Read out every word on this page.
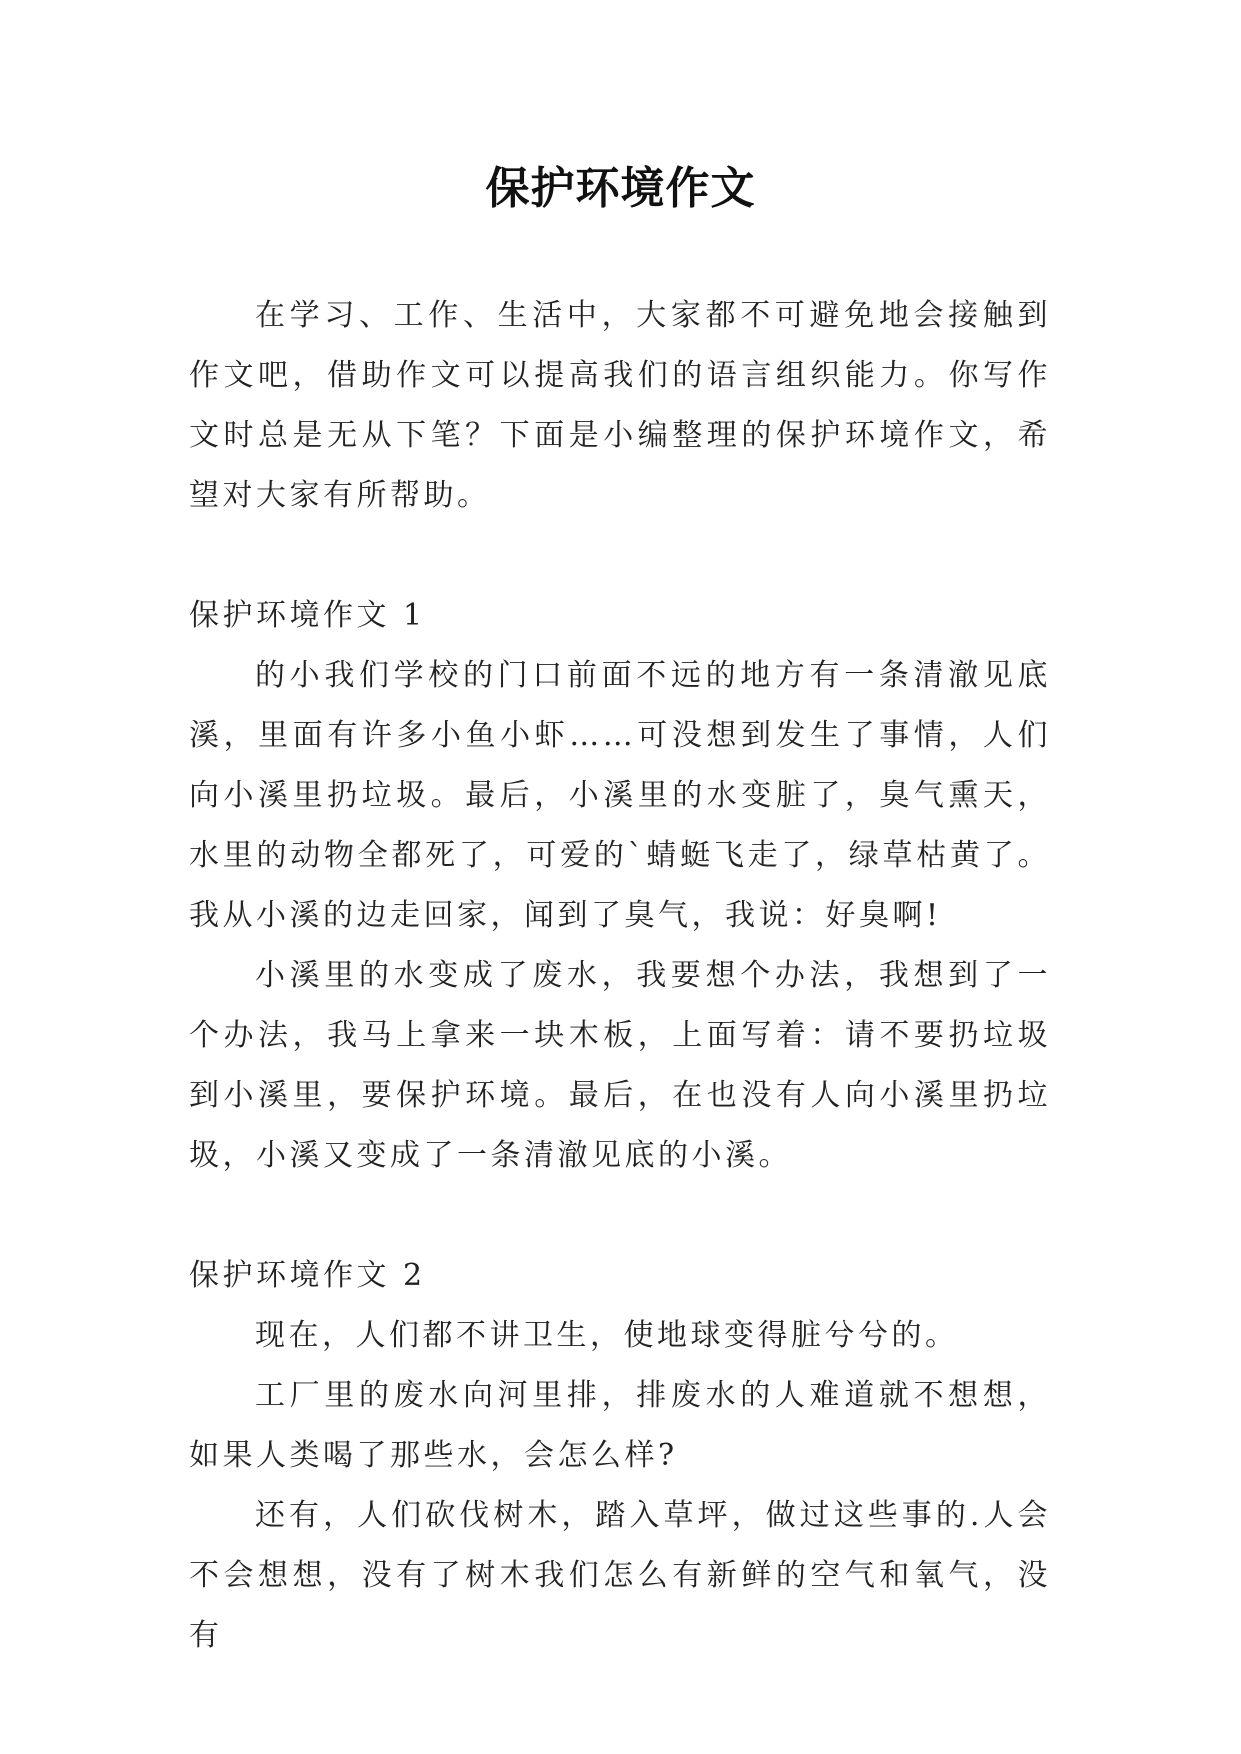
保护环境作文

在学习、工作、生活中，大家都不可避免地会接触到作文吧，借助作文可以提高我们的语言组织能力。你写作文时总是无从下笔？下面是小编整理的保护环境作文，希望对大家有所帮助。

保护环境作文 1

的小我们学校的门口前面不远的地方有一条清澈见底溪，里面有许多小鱼小虾……可没想到发生了事情，人们向小溪里扔垃圾。最后，小溪里的水变脏了，臭气熏天，水里的动物全都死了，可爱的`蜻蜓飞走了，绿草枯黄了。我从小溪的边走回家，闻到了臭气，我说：好臭啊!

小溪里的水变成了废水，我要想个办法，我想到了一个办法，我马上拿来一块木板，上面写着：请不要扔垃圾到小溪里，要保护环境。最后，在也没有人向小溪里扔垃圾，小溪又变成了一条清澈见底的小溪。

保护环境作文 2

现在，人们都不讲卫生，使地球变得脏兮兮的。

工厂里的废水向河里排，排废水的人难道就不想想，如果人类喝了那些水，会怎么样?

还有，人们砍伐树木，踏入草坪，做过这些事的.人会不会想想，没有了树木我们怎么有新鲜的空气和氧气，没有
